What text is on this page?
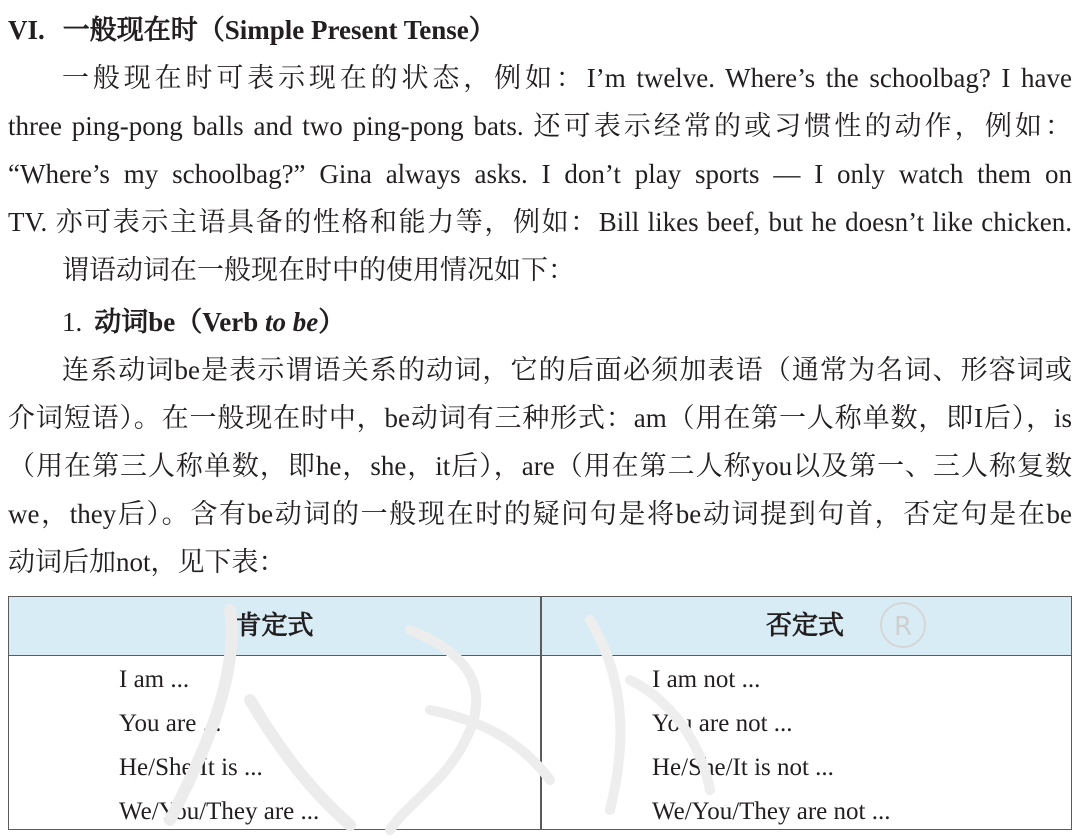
VI. 一般现在时（Simple Present Tense）
一般现在时可表示现在的状态，例如：I’m twelve. Where’s the schoolbag? I have
three ping-pong balls and two ping-pong bats. 还可表示经常的或习惯性的动作，例如：
“Where’s my schoolbag?” Gina always asks. I don’t play sports — I only watch them on
TV. 亦可表示主语具备的性格和能力等，例如：Bill likes beef, but he doesn’t like chicken.
谓语动词在一般现在时中的使用情况如下：
1. 动词be（Verb to be）
连系动词be是表示谓语关系的动词，它的后面必须加表语（通常为名词、形容词或
介词短语）。在一般现在时中，be动词有三种形式：am（用在第一人称单数，即I后），is
（用在第三人称单数，即he，she，it后），are（用在第二人称you以及第一、三人称复数
we，they后）。含有be动词的一般现在时的疑问句是将be动词提到句首，否定句是在be
动词后加not，见下表：
肯定式	否定式
I am ...	I am not ...
You are ...	You are not ...
He/She/It is ...	He/She/It is not ...
We/You/They are ...	We/You/They are not ...
R
